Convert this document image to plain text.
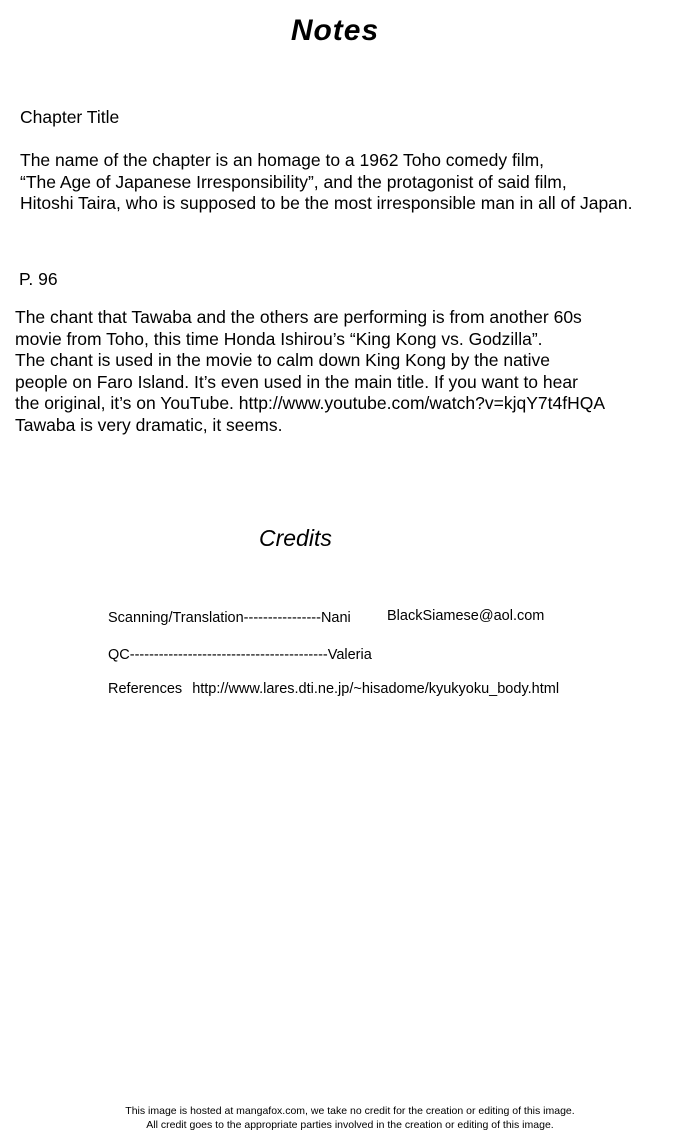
Notes
Chapter Title
The name of the chapter is an homage to a 1962 Toho comedy film,
“The Age of Japanese Irresponsibility”, and the protagonist of said film,
Hitoshi Taira, who is supposed to be the most irresponsible man in all of Japan.
P. 96
The chant that Tawaba and the others are performing is from another 60s
movie from Toho, this time Honda Ishirou’s “King Kong vs. Godzilla”.
The chant is used in the movie to calm down King Kong by the native
people on Faro Island. It’s even used in the main title. If you want to hear
the original, it’s on YouTube. http://www.youtube.com/watch?v=kjqY7t4fHQA
Tawaba is very dramatic, it seems.
Credits
Scanning/Translation----------------Nani BlackSiamese@aol.com
QC-----------------------------------------Valeria
References http://www.lares.dti.ne.jp/~hisadome/kyukyoku_body.html
This image is hosted at mangafox.com, we take no credit for the creation or editing of this image.
All credit goes to the appropriate parties involved in the creation or editing of this image.
